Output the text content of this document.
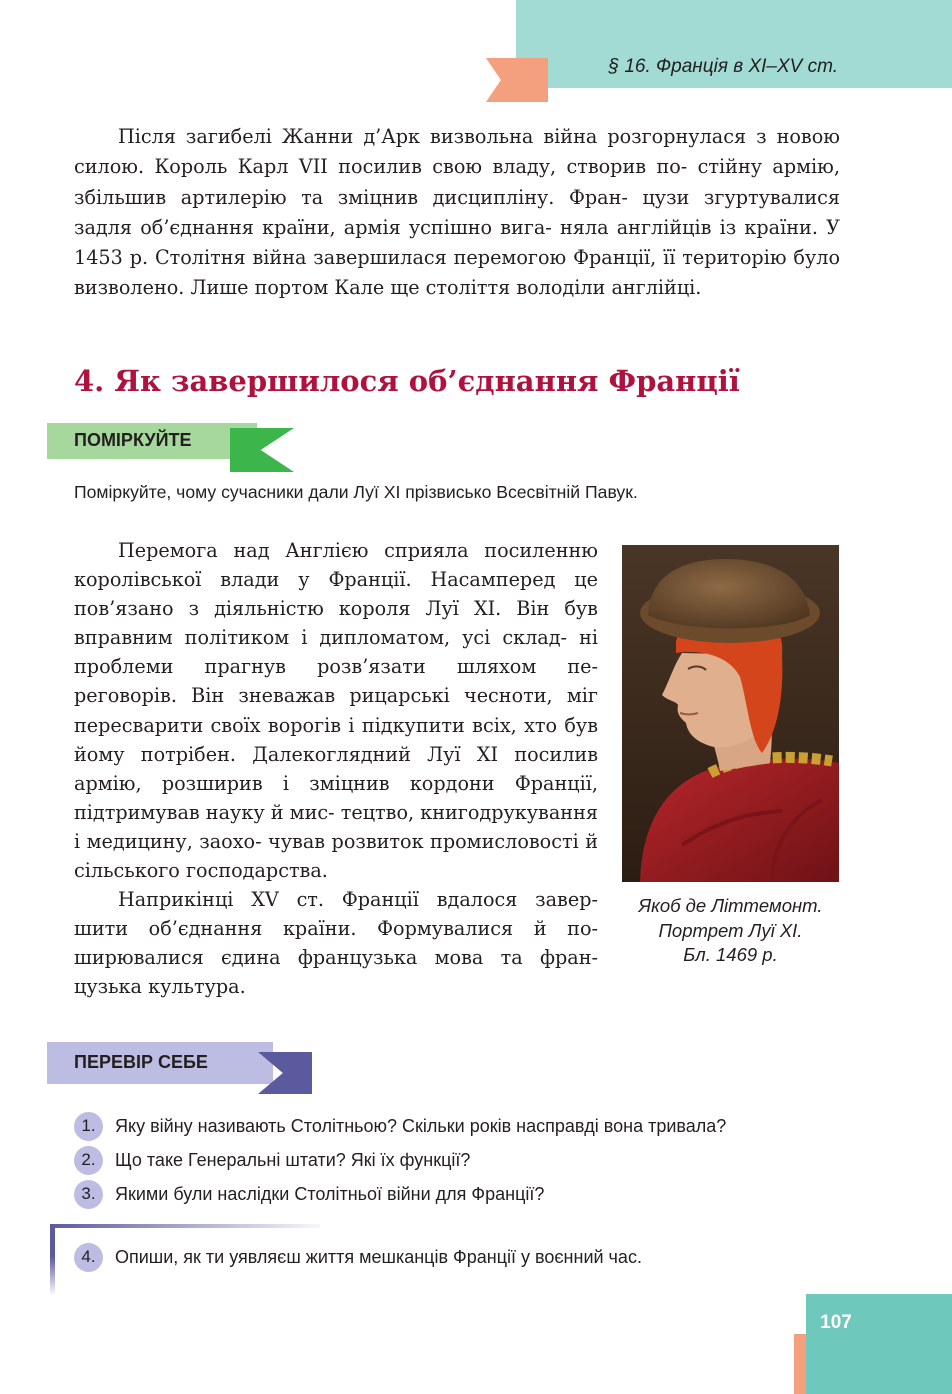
§ 16. Франція в XI–XV ст.

Після загибелі Жанни д’Арк визвольна війна розгорнулася з новою силою. Король Карл VII посилив свою владу, створив по- стійну армію, збільшив артилерію та зміцнив дисципліну. Фран- цузи згуртувалися задля об’єднання країни, армія успішно вига- няла англійців із країни. У 1453 р. Столітня війна завершилася перемогою Франції, її територію було визволено. Лише портом Кале ще століття володіли англійці.

4. Як завершилося об’єднання Франції
ПОМІРКУЙТЕ
Поміркуйте, чому сучасники дали Луї XI прізвисько Всесвітній Павук.

Перемога над Англією сприяла посиленню королівської влади у Франції. Насамперед це пов’язано з діяльністю короля Луї XI. Він був вправним політиком і дипломатом, усі склад- ні проблеми прагнув розв’язати шляхом пе- реговорів. Він зневажав рицарські чесноти, міг пересварити своїх ворогів і підкупити всіх, хто був йому потрібен. Далекоглядний Луї XI посилив армію, розширив і зміцнив кордони Франції, підтримував науку й мис- тецтво, книгодрукування і медицину, заохо- чував розвиток промисловості й сільського господарства.

Наприкінці XV ст. Франції вдалося завер- шити об’єднання країни. Формувалися й по- ширювалися єдина французька мова та фран- цузька культура.

Якоб де Літтемонт.
Портрет Луї XI.
Бл. 1469 р.
ПЕРЕВІР СЕБЕ
1.	Яку війну називають Столітньою? Скільки років насправді вона тривала?
2.	Що таке Генеральні штати? Які їх функції?
3.	Якими були наслідки Столітньої війни для Франції?
4.	Опиши, як ти уявляєш життя мешканців Франції у воєнний час.
107
